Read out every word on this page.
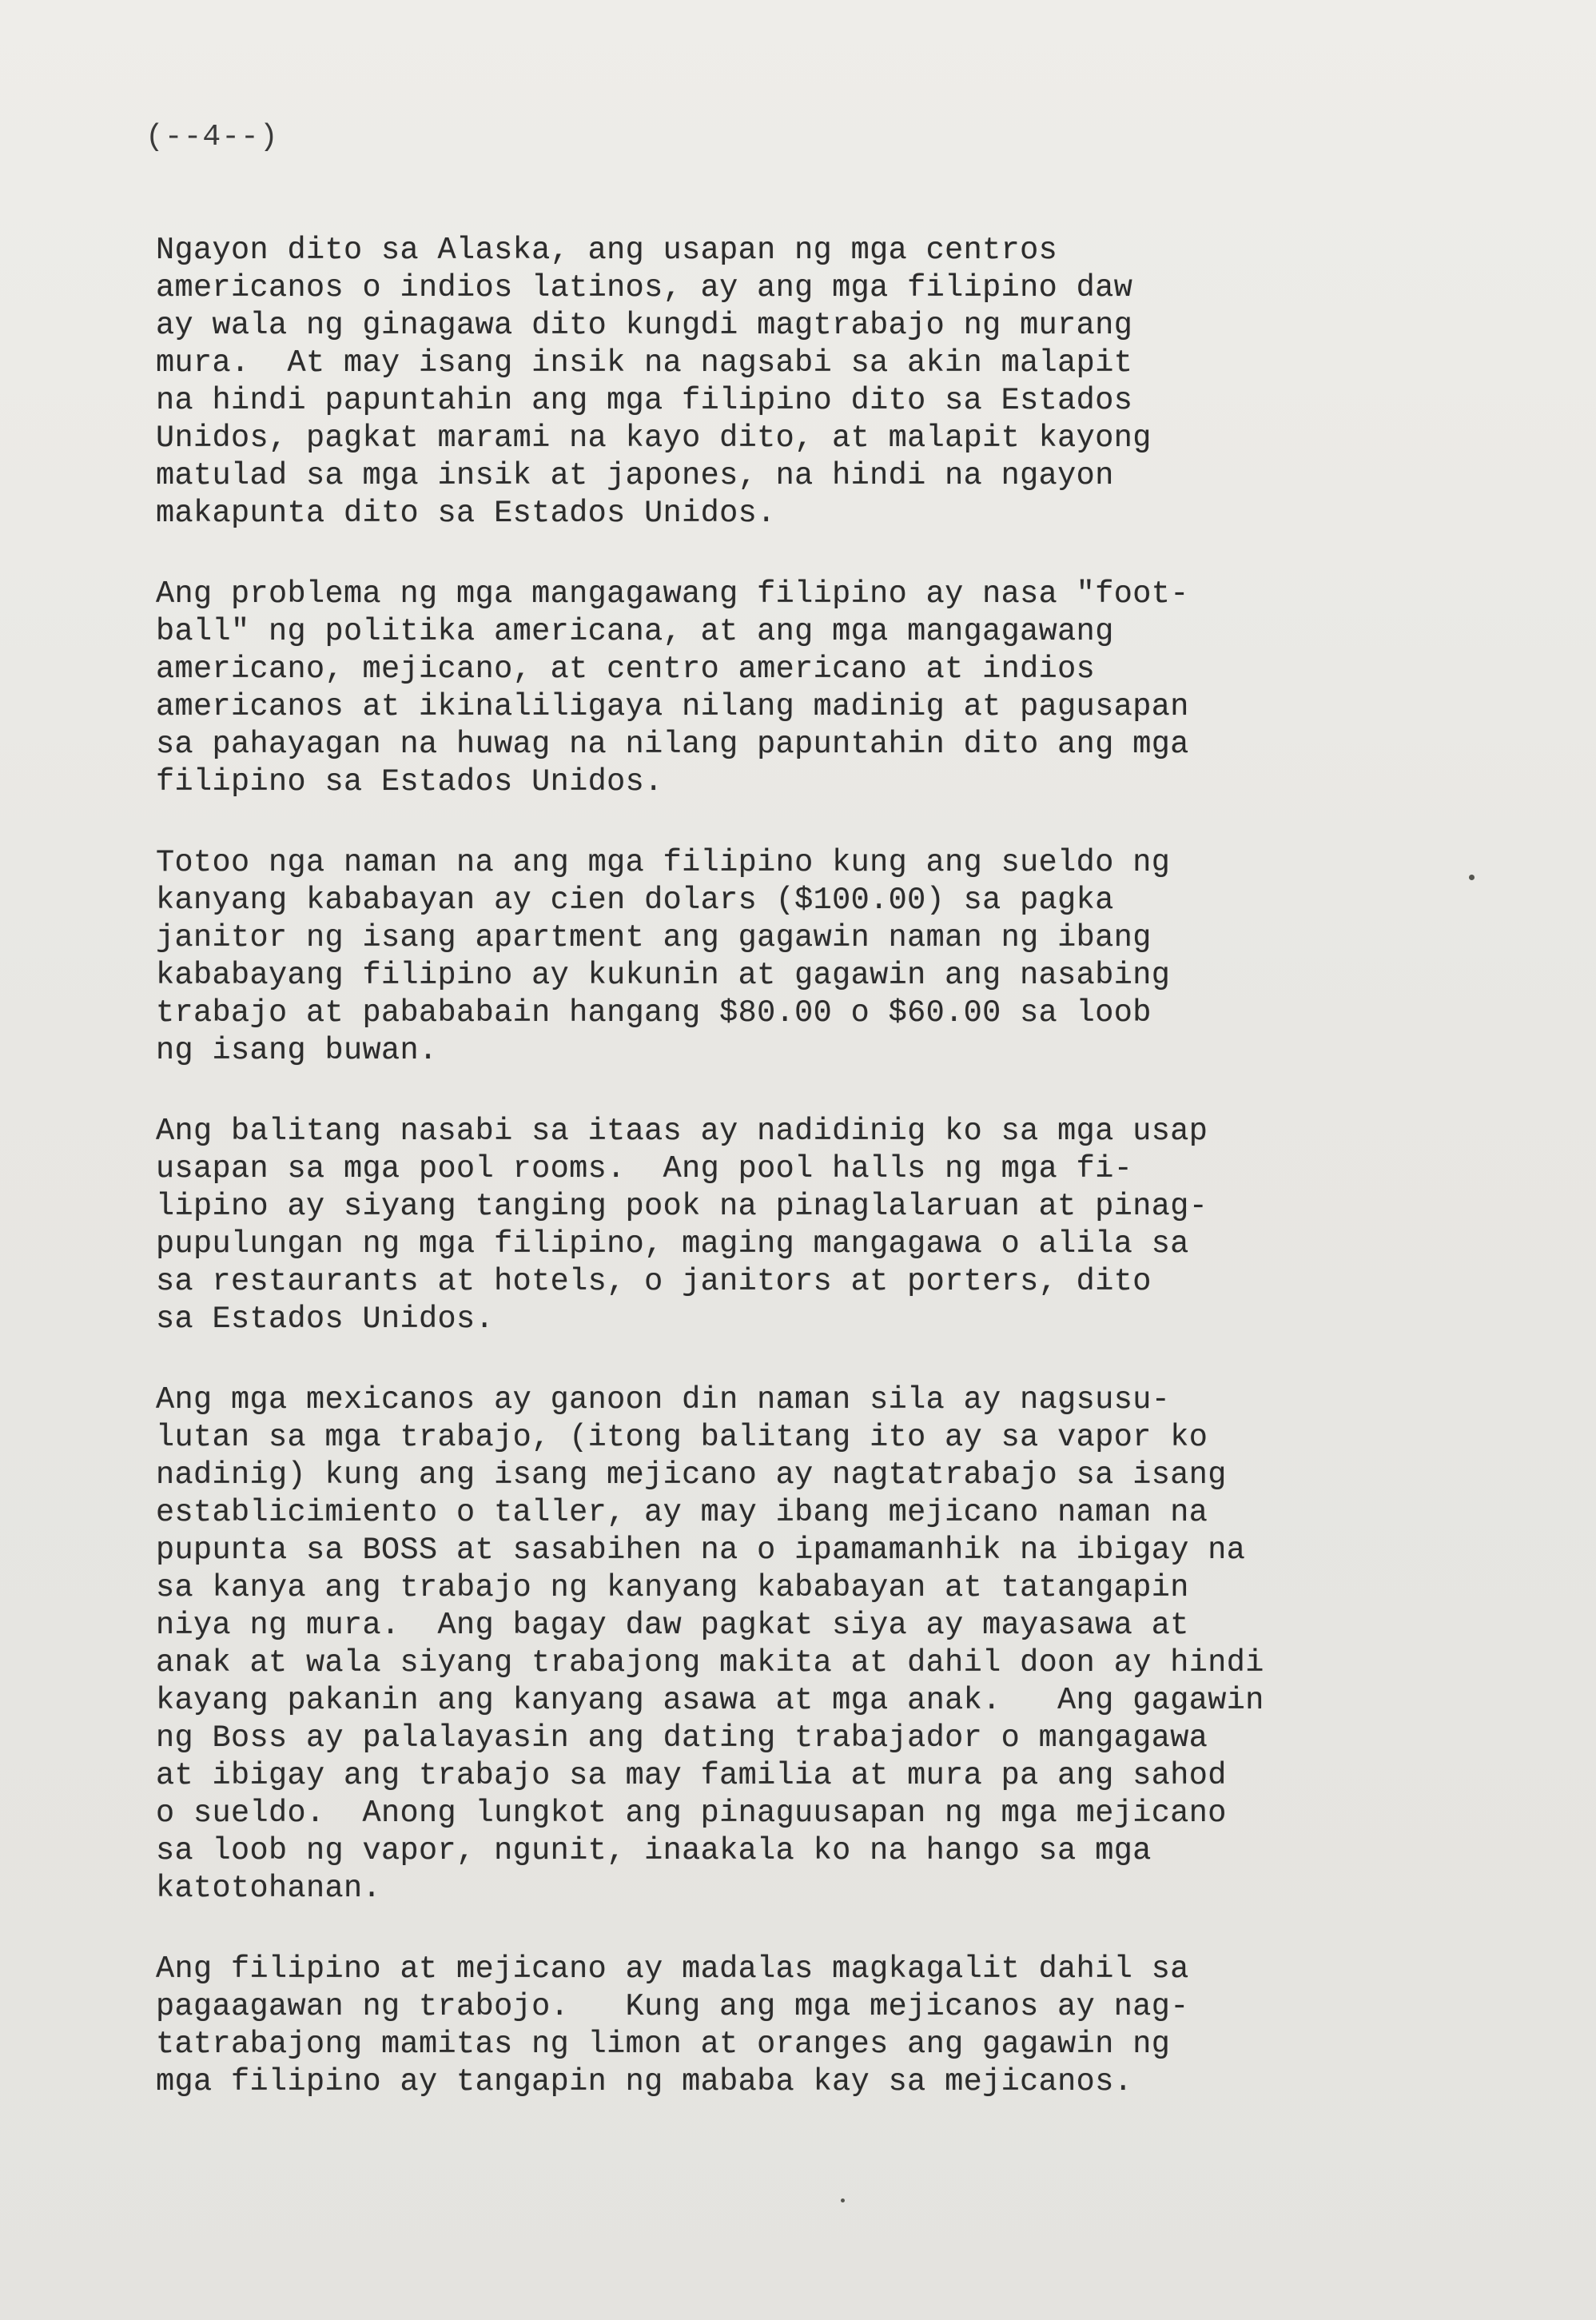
(--4--)
Ngayon dito sa Alaska, ang usapan ng mga centros
americanos o indios latinos, ay ang mga filipino daw
ay wala ng ginagawa dito kungdi magtrabajo ng murang
mura.  At may isang insik na nagsabi sa akin malapit
na hindi papuntahin ang mga filipino dito sa Estados
Unidos, pagkat marami na kayo dito, at malapit kayong
matulad sa mga insik at japones, na hindi na ngayon
makapunta dito sa Estados Unidos.
Ang problema ng mga mangagawang filipino ay nasa "foot-
ball" ng politika americana, at ang mga mangagawang
americano, mejicano, at centro americano at indios
americanos at ikinaliligaya nilang madinig at pagusapan
sa pahayagan na huwag na nilang papuntahin dito ang mga
filipino sa Estados Unidos.
Totoo nga naman na ang mga filipino kung ang sueldo ng
kanyang kababayan ay cien dolars ($100.00) sa pagka
janitor ng isang apartment ang gagawin naman ng ibang
kababayang filipino ay kukunin at gagawin ang nasabing
trabajo at pabababain hangang $80.00 o $60.00 sa loob
ng isang buwan.
Ang balitang nasabi sa itaas ay nadidinig ko sa mga usap
usapan sa mga pool rooms.  Ang pool halls ng mga fi-
lipino ay siyang tanging pook na pinaglalaruan at pinag-
pupulungan ng mga filipino, maging mangagawa o alila sa
sa restaurants at hotels, o janitors at porters, dito
sa Estados Unidos.
Ang mga mexicanos ay ganoon din naman sila ay nagsusu-
lutan sa mga trabajo, (itong balitang ito ay sa vapor ko
nadinig) kung ang isang mejicano ay nagtatrabajo sa isang
establicimiento o taller, ay may ibang mejicano naman na
pupunta sa BOSS at sasabihen na o ipamamanhik na ibigay na
sa kanya ang trabajo ng kanyang kababayan at tatangapin
niya ng mura.  Ang bagay daw pagkat siya ay mayasawa at
anak at wala siyang trabajong makita at dahil doon ay hindi
kayang pakanin ang kanyang asawa at mga anak.   Ang gagawin
ng Boss ay palalayasin ang dating trabajador o mangagawa
at ibigay ang trabajo sa may familia at mura pa ang sahod
o sueldo.  Anong lungkot ang pinaguusapan ng mga mejicano
sa loob ng vapor, ngunit, inaakala ko na hango sa mga
katotohanan.
Ang filipino at mejicano ay madalas magkagalit dahil sa
pagaagawan ng trabojo.   Kung ang mga mejicanos ay nag-
tatrabajong mamitas ng limon at oranges ang gagawin ng
mga filipino ay tangapin ng mababa kay sa mejicanos.
